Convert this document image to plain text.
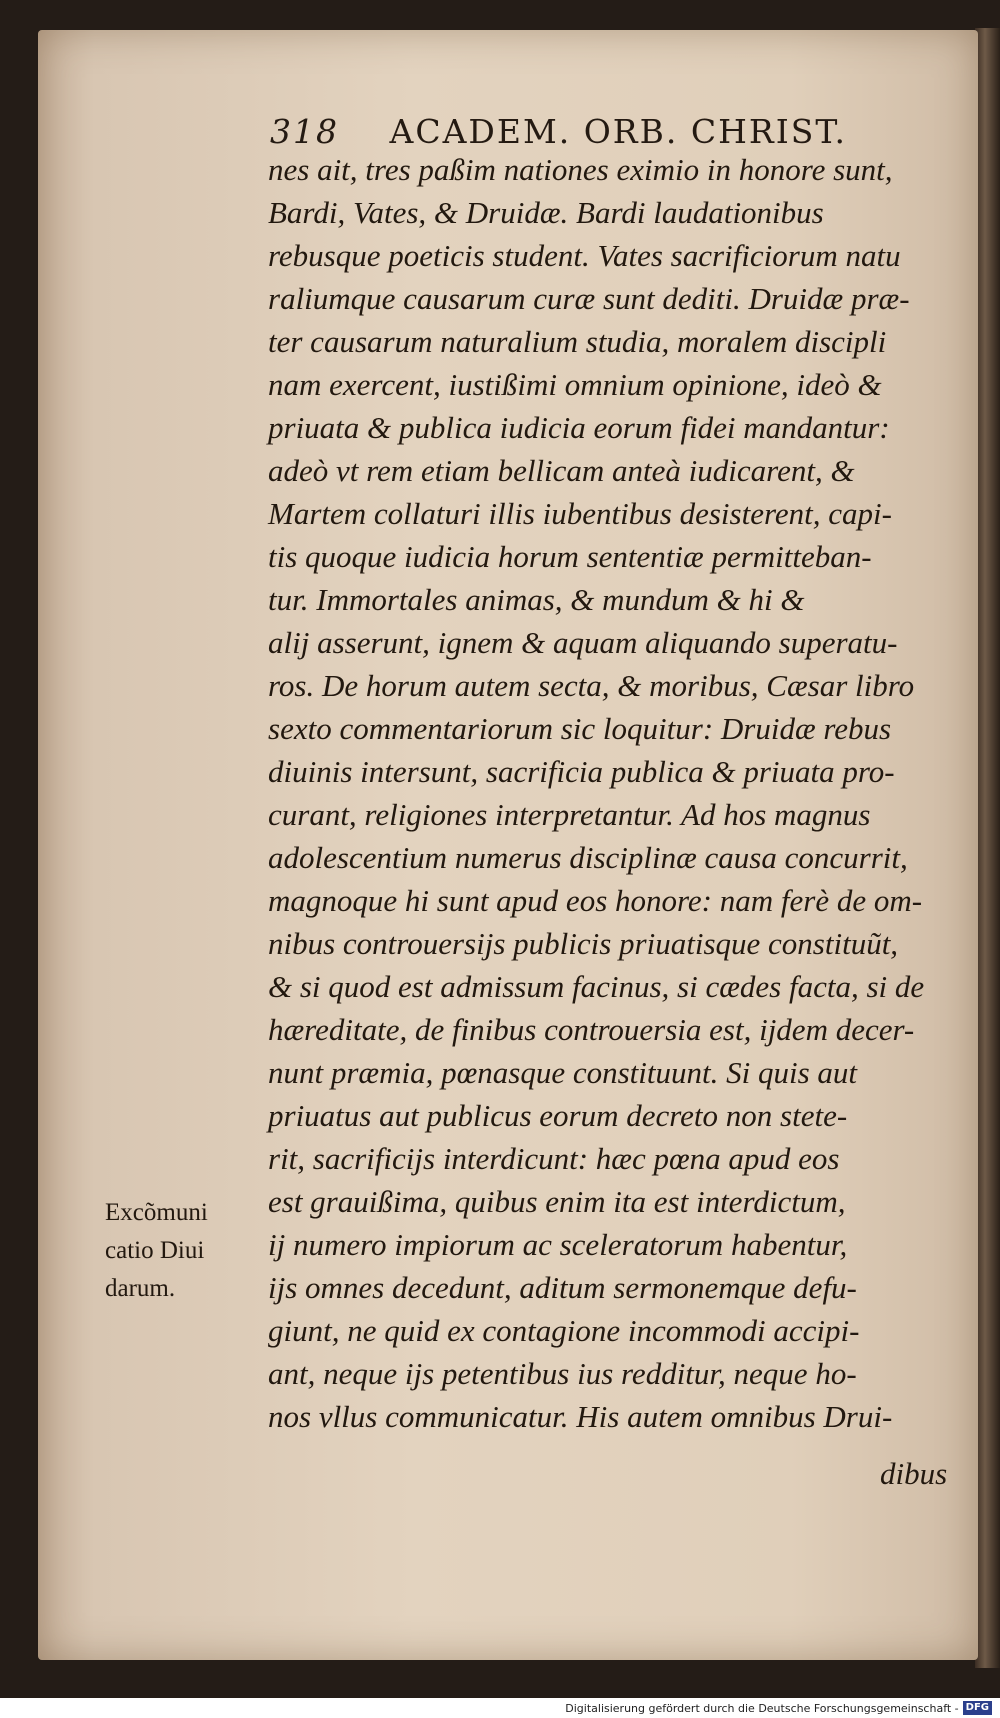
318 ACADEM. ORB. CHRIST.
nes ait, tres paßim nationes eximio in honore sunt,
Bardi, Vates, & Druidæ. Bardi laudationibus
rebusque poeticis student. Vates sacrificiorum natu
raliumque causarum curæ sunt dediti. Druidæ præ-
ter causarum naturalium studia, moralem discipli
nam exercent, iustißimi omnium opinione, ideò &
priuata & publica iudicia eorum fidei mandantur:
adeò vt rem etiam bellicam anteà iudicarent, &
Martem collaturi illis iubentibus desisterent, capi-
tis quoque iudicia horum sententiæ permitteban-
tur. Immortales animas, & mundum & hi &
alij asserunt, ignem & aquam aliquando superatu-
ros. De horum autem secta, & moribus, Cæsar libro
sexto commentariorum sic loquitur: Druidæ rebus
diuinis intersunt, sacrificia publica & priuata pro-
curant, religiones interpretantur. Ad hos magnus
adolescentium numerus disciplinæ causa concurrit,
magnoque hi sunt apud eos honore: nam ferè de om-
nibus controuersijs publicis priuatisque constituũt,
& si quod est admissum facinus, si cædes facta, si de
hæreditate, de finibus controuersia est, ijdem decer-
nunt præmia, pœnasque constituunt. Si quis aut
priuatus aut publicus eorum decreto non stete-
rit, sacrificijs interdicunt: hæc pœna apud eos
est grauißima, quibus enim ita est interdictum,
ij numero impiorum ac sceleratorum habentur,
ijs omnes decedunt, aditum sermonemque defu-
giunt, ne quid ex contagione incommodi accipi-
ant, neque ijs petentibus ius redditur, neque ho-
nos vllus communicatur. His autem omnibus Drui-
dibus
Excõmuni
catio Diui
darum.
Digitalisierung gefördert durch die Deutsche Forschungsgemeinschaft - DFG
